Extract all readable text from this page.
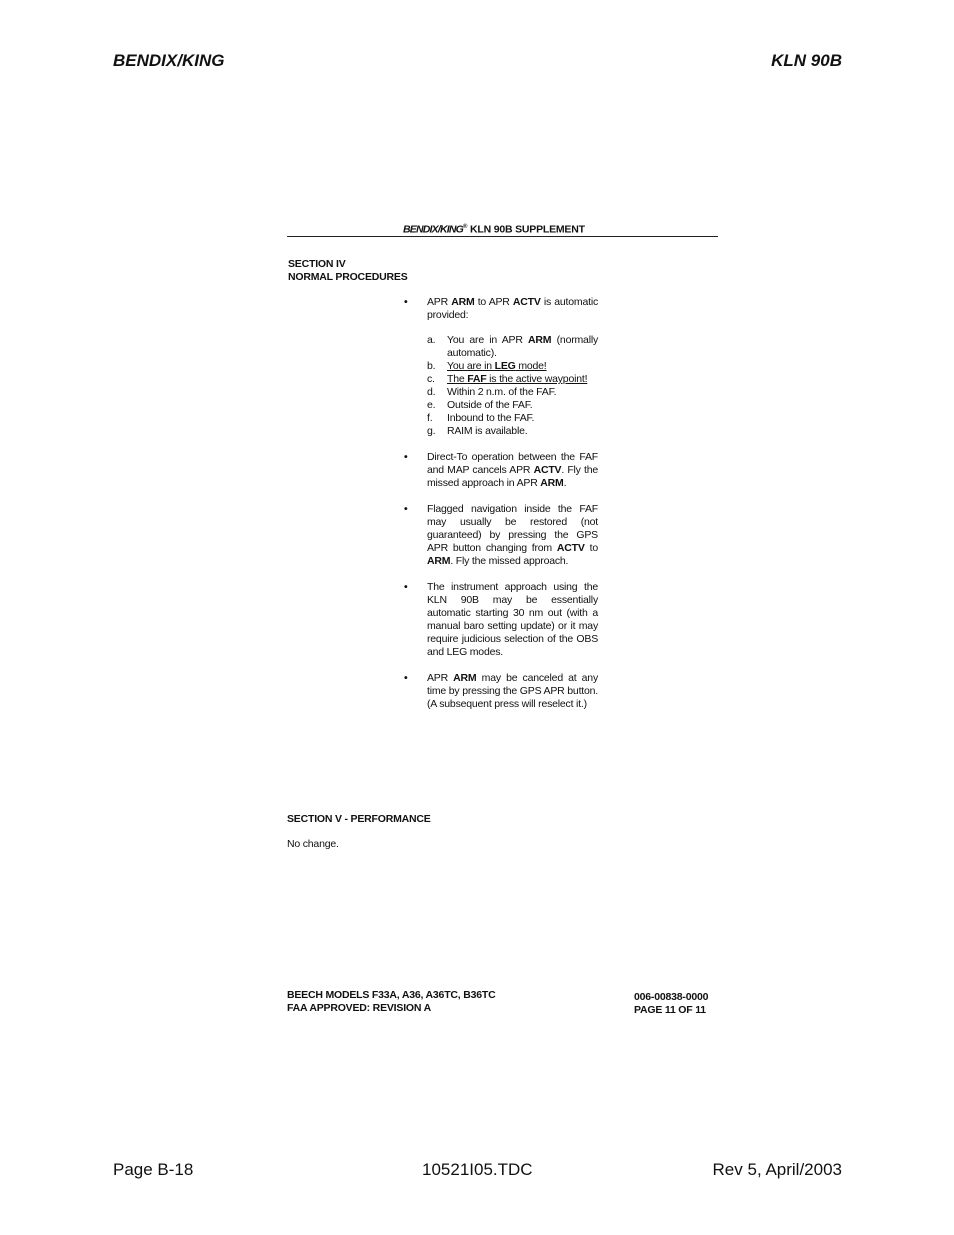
BENDIX/KING	KLN 90B
BENDIX/KING® KLN 90B SUPPLEMENT
SECTION IV
NORMAL PROCEDURES
• APR ARM to APR ACTV is automatic provided:
a. You are in APR ARM (normally automatic).
b. You are in LEG mode!
c. The FAF is the active waypoint!
d. Within 2 n.m. of the FAF.
e. Outside of the FAF.
f. Inbound to the FAF.
g. RAIM is available.
• Direct-To operation between the FAF and MAP cancels APR ACTV. Fly the missed approach in APR ARM.
• Flagged navigation inside the FAF may usually be restored (not guaranteed) by pressing the GPS APR button changing from ACTV to ARM. Fly the missed approach.
• The instrument approach using the KLN 90B may be essentially automatic starting 30 nm out (with a manual baro setting update) or it may require judicious selection of the OBS and LEG modes.
• APR ARM may be canceled at any time by pressing the GPS APR button. (A subsequent press will reselect it.)
SECTION V - PERFORMANCE
No change.
BEECH MODELS F33A, A36, A36TC, B36TC
FAA APPROVED: REVISION A
006-00838-0000
PAGE 11 OF 11
Page B-18	10521I05.TDC	Rev 5, April/2003
